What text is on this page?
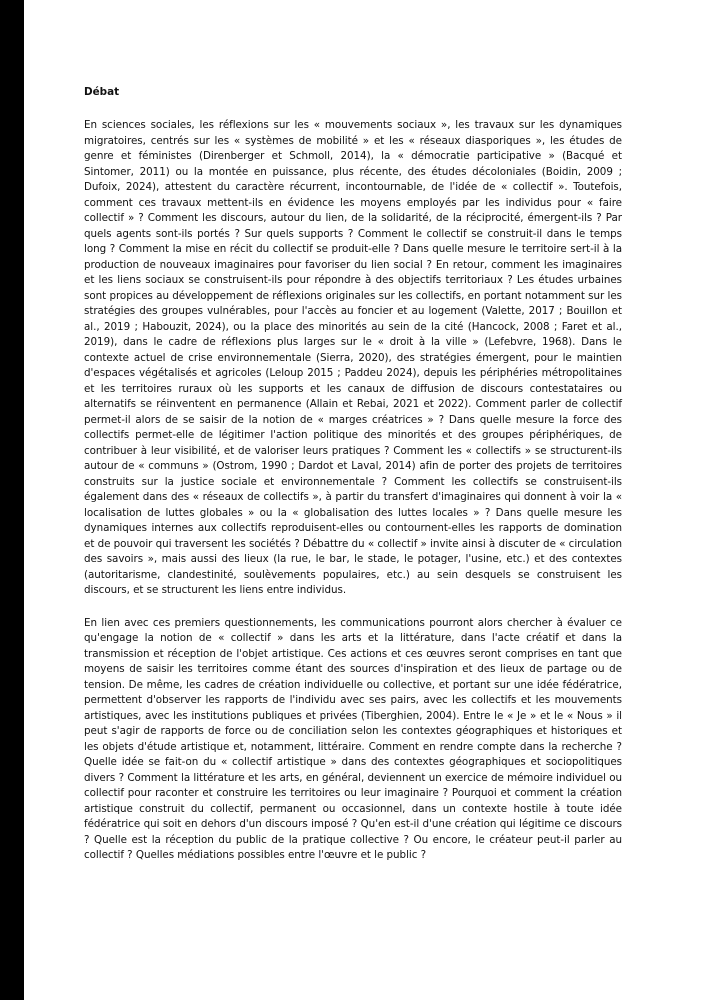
Débat

En sciences sociales, les réflexions sur les « mouvements sociaux », les travaux sur les dynamiques migratoires, centrés sur les « systèmes de mobilité » et les « réseaux diasporiques », les études de genre et féministes (Direnberger et Schmoll, 2014), la « démocratie participative » (Bacqué et Sintomer, 2011) ou la montée en puissance, plus récente, des études décoloniales (Boidin, 2009 ; Dufoix, 2024), attestent du caractère récurrent, incontournable, de l'idée de « collectif ». Toutefois, comment ces travaux mettent-ils en évidence les moyens employés par les individus pour « faire collectif » ? Comment les discours, autour du lien, de la solidarité, de la réciprocité, émergent-ils ? Par quels agents sont-ils portés ? Sur quels supports ? Comment le collectif se construit-il dans le temps long ? Comment la mise en récit du collectif se produit-elle ? Dans quelle mesure le territoire sert-il à la production de nouveaux imaginaires pour favoriser du lien social ? En retour, comment les imaginaires et les liens sociaux se construisent-ils pour répondre à des objectifs territoriaux ? Les études urbaines sont propices au développement de réflexions originales sur les collectifs, en portant notamment sur les stratégies des groupes vulnérables, pour l'accès au foncier et au logement (Valette, 2017 ; Bouillon et al., 2019 ; Habouzit, 2024), ou la place des minorités au sein de la cité (Hancock, 2008 ; Faret et al., 2019), dans le cadre de réflexions plus larges sur le « droit à la ville » (Lefebvre, 1968). Dans le contexte actuel de crise environnementale (Sierra, 2020), des stratégies émergent, pour le maintien d'espaces végétalisés et agricoles (Leloup 2015 ; Paddeu 2024), depuis les périphéries métropolitaines et les territoires ruraux où les supports et les canaux de diffusion de discours contestataires ou alternatifs se réinventent en permanence (Allain et Rebai, 2021 et 2022). Comment parler de collectif permet-il alors de se saisir de la notion de « marges créatrices » ? Dans quelle mesure la force des collectifs permet-elle de légitimer l'action politique des minorités et des groupes périphériques, de contribuer à leur visibilité, et de valoriser leurs pratiques ? Comment les « collectifs » se structurent-ils autour de « communs » (Ostrom, 1990 ; Dardot et Laval, 2014) afin de porter des projets de territoires construits sur la justice sociale et environnementale ? Comment les collectifs se construisent-ils également dans des « réseaux de collectifs », à partir du transfert d'imaginaires qui donnent à voir la « localisation de luttes globales » ou la « globalisation des luttes locales » ? Dans quelle mesure les dynamiques internes aux collectifs reproduisent-elles ou contournent-elles les rapports de domination et de pouvoir qui traversent les sociétés ? Débattre du « collectif » invite ainsi à discuter de « circulation des savoirs », mais aussi des lieux (la rue, le bar, le stade, le potager, l'usine, etc.) et des contextes (autoritarisme, clandestinité, soulèvements populaires, etc.) au sein desquels se construisent les discours, et se structurent les liens entre individus.

En lien avec ces premiers questionnements, les communications pourront alors chercher à évaluer ce qu'engage la notion de « collectif » dans les arts et la littérature, dans l'acte créatif et dans la transmission et réception de l'objet artistique. Ces actions et ces œuvres seront comprises en tant que moyens de saisir les territoires comme étant des sources d'inspiration et des lieux de partage ou de tension. De même, les cadres de création individuelle ou collective, et portant sur une idée fédératrice, permettent d'observer les rapports de l'individu avec ses pairs, avec les collectifs et les mouvements artistiques, avec les institutions publiques et privées (Tiberghien, 2004). Entre le « Je » et le « Nous » il peut s'agir de rapports de force ou de conciliation selon les contextes géographiques et historiques et les objets d'étude artistique et, notamment, littéraire. Comment en rendre compte dans la recherche ? Quelle idée se fait-on du « collectif artistique » dans des contextes géographiques et sociopolitiques divers ? Comment la littérature et les arts, en général, deviennent un exercice de mémoire individuel ou collectif pour raconter et construire les territoires ou leur imaginaire ? Pourquoi et comment la création artistique construit du collectif, permanent ou occasionnel, dans un contexte hostile à toute idée fédératrice qui soit en dehors d'un discours imposé ? Qu'en est-il d'une création qui légitime ce discours ? Quelle est la réception du public de la pratique collective ? Ou encore, le créateur peut-il parler au collectif ? Quelles médiations possibles entre l'œuvre et le public ?
